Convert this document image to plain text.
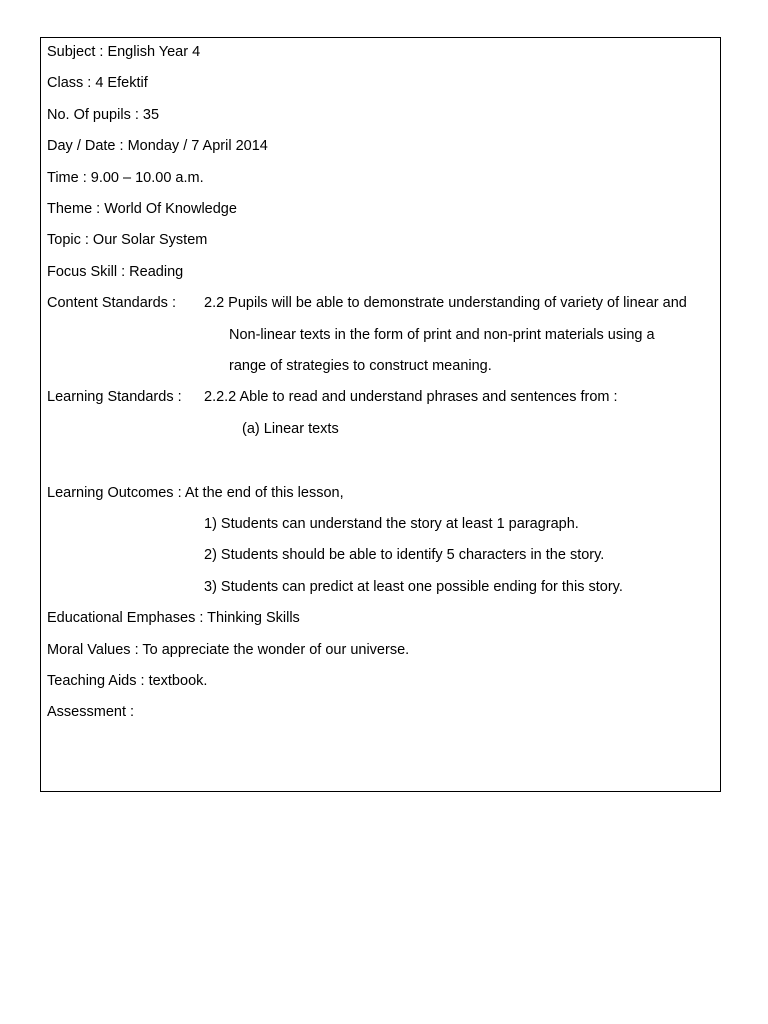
Subject : English Year 4
Class : 4 Efektif
No. Of pupils : 35
Day / Date : Monday / 7 April 2014
Time : 9.00 – 10.00 a.m.
Theme : World Of Knowledge
Topic : Our Solar System
Focus Skill : Reading
Content Standards : 2.2 Pupils will be able to demonstrate understanding of variety of linear and
Non-linear texts in the form of print and non-print materials using a
range of strategies to construct meaning.
Learning Standards : 2.2.2 Able to read and understand phrases and sentences from :
(a) Linear texts
Learning Outcomes : At the end of this lesson,
1) Students can understand the story at least 1 paragraph.
2) Students should be able to identify 5 characters in the story.
3) Students can predict at least one possible ending for this story.
Educational Emphases : Thinking Skills
Moral Values : To appreciate the wonder of our universe.
Teaching Aids : textbook.
Assessment :
